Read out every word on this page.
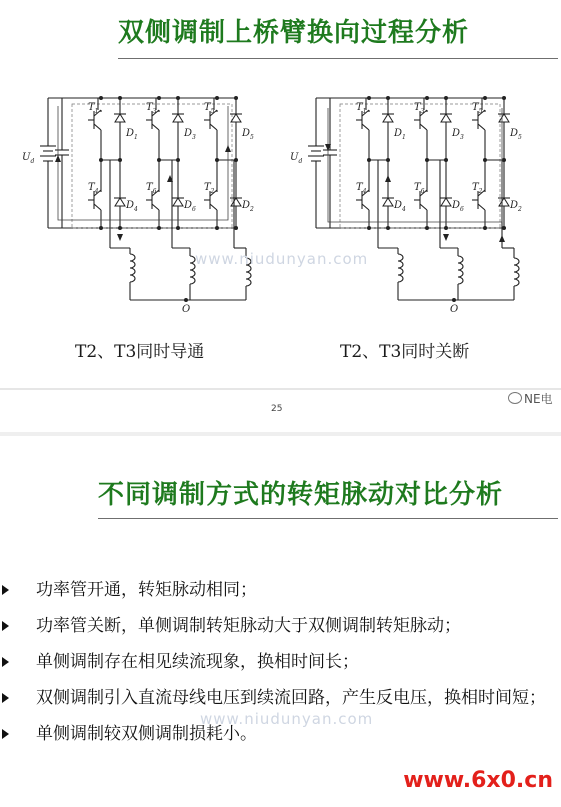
双侧调制上桥臂换向过程分析
$U_d$
$T_1$
$D_1$
$T_4$
$D_4$
$T_3$
$D_3$
$T_6$
$D_6$
$T_5$
$D_5$
$T_2$
$D_2$
O
$U_d$
$T_1$
$D_1$
$T_4$
$D_4$
$T_3$
$D_3$
$T_6$
$D_6$
$T_5$
$D_5$
$T_2$
$D_2$
O
www.niudunyan.com
T2、T3同时导通	T2、T3同时关断
25
NE电
不同调制方式的转矩脉动对比分析
功率管开通，转矩脉动相同；
功率管关断，单侧调制转矩脉动大于双侧调制转矩脉动；
单侧调制存在相见续流现象，换相时间长；
双侧调制引入直流母线电压到续流回路，产生反电压，换相时间短；
单侧调制较双侧调制损耗小。
www.niudunyan.com
www.6x0.cn
